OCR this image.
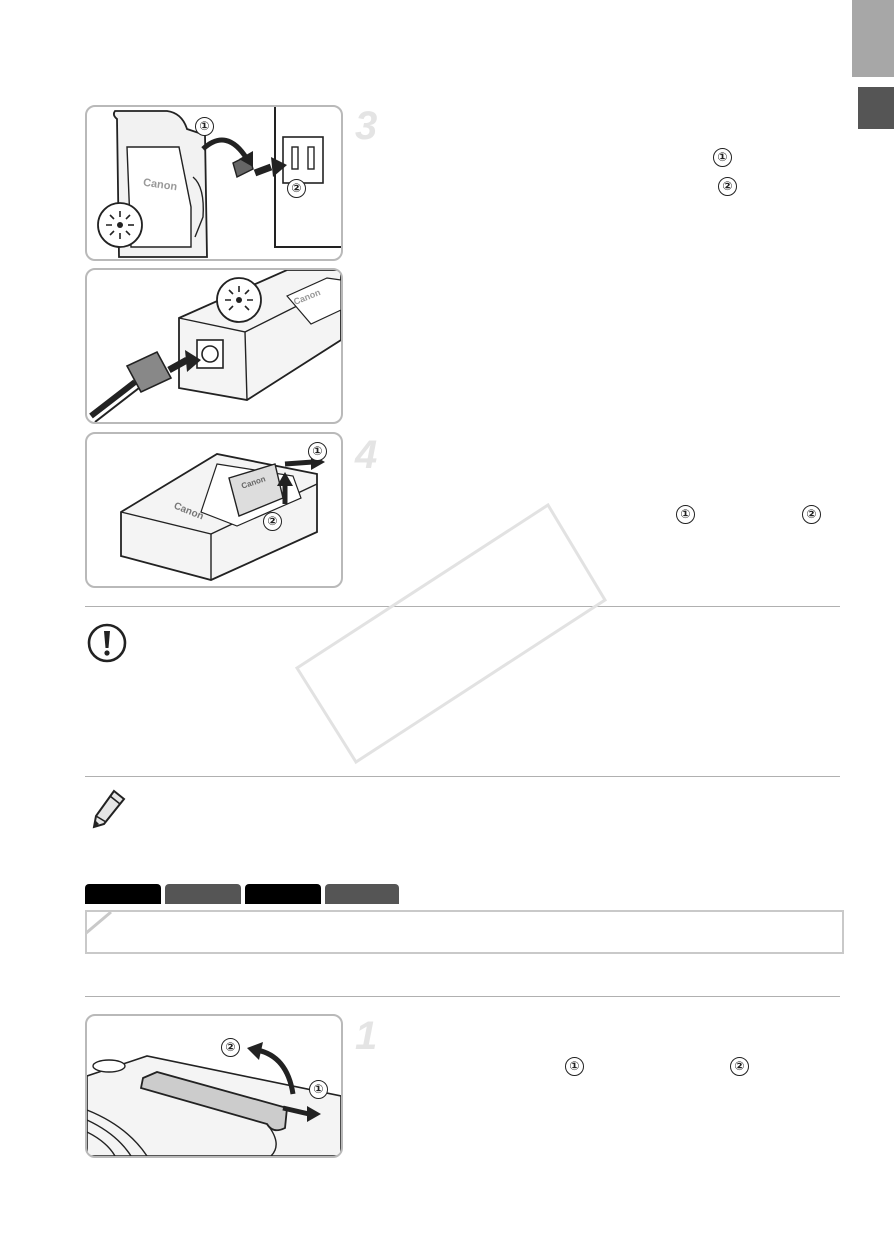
①
②
Canon
Canon
①
②
Canon
Canon
3
①
②
4
①	②
②
①
1
①	②
